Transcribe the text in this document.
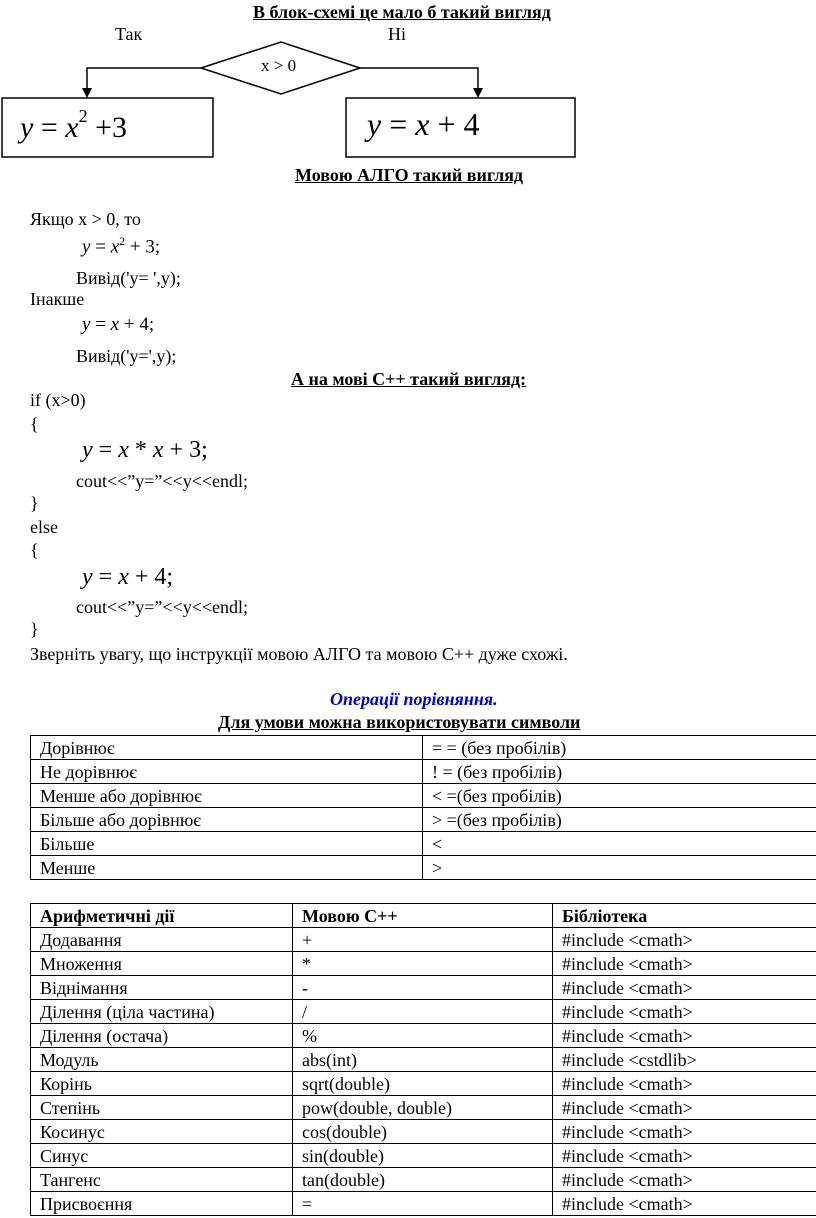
В блок-схемі це мало б такий вигляд
Так	Ні
x > 0
$y = x^2 +3$	y = x + 4
Мовою АЛГО такий вигляд
Якщо x > 0, то
$y = x^2 + 3$;
Вивід('y= ',y);
Інакше
y = x + 4;
Вивід('y=',y);
А на мові С++ такий вигляд:
if (x>0)
{
y = x * x + 3;
cout<<”y=”<<y<<endl;
}
else
{
y = x + 4;
cout<<”y=”<<y<<endl;
}
Зверніть увагу, що інструкції мовою АЛГО та мовою С++ дуже схожі.
Операції порівняння.
Для умови можна використовувати символи
Дорівнює	= = (без пробілів)
Не дорівнює	! = (без пробілів)
Менше або дорівнює	< =(без пробілів)
Більше або дорівнює	> =(без пробілів)
Більше	<
Менше	>
Арифметичні дії	Мовою С++	Бібліотека
Додавання	+	#include <cmath>
Множення	*	#include <cmath>
Віднімання	-	#include <cmath>
Ділення (ціла частина)	/	#include <cmath>
Ділення (остача)	%	#include <cmath>
Модуль	abs(int)	#include <cstdlib>
Корінь	sqrt(double)	#include <cmath>
Степінь	pow(double, double)	#include <cmath>
Косинус	cos(double)	#include <cmath>
Синус	sin(double)	#include <cmath>
Тангенс	tan(double)	#include <cmath>
Присвоєння	=	#include <cmath>
